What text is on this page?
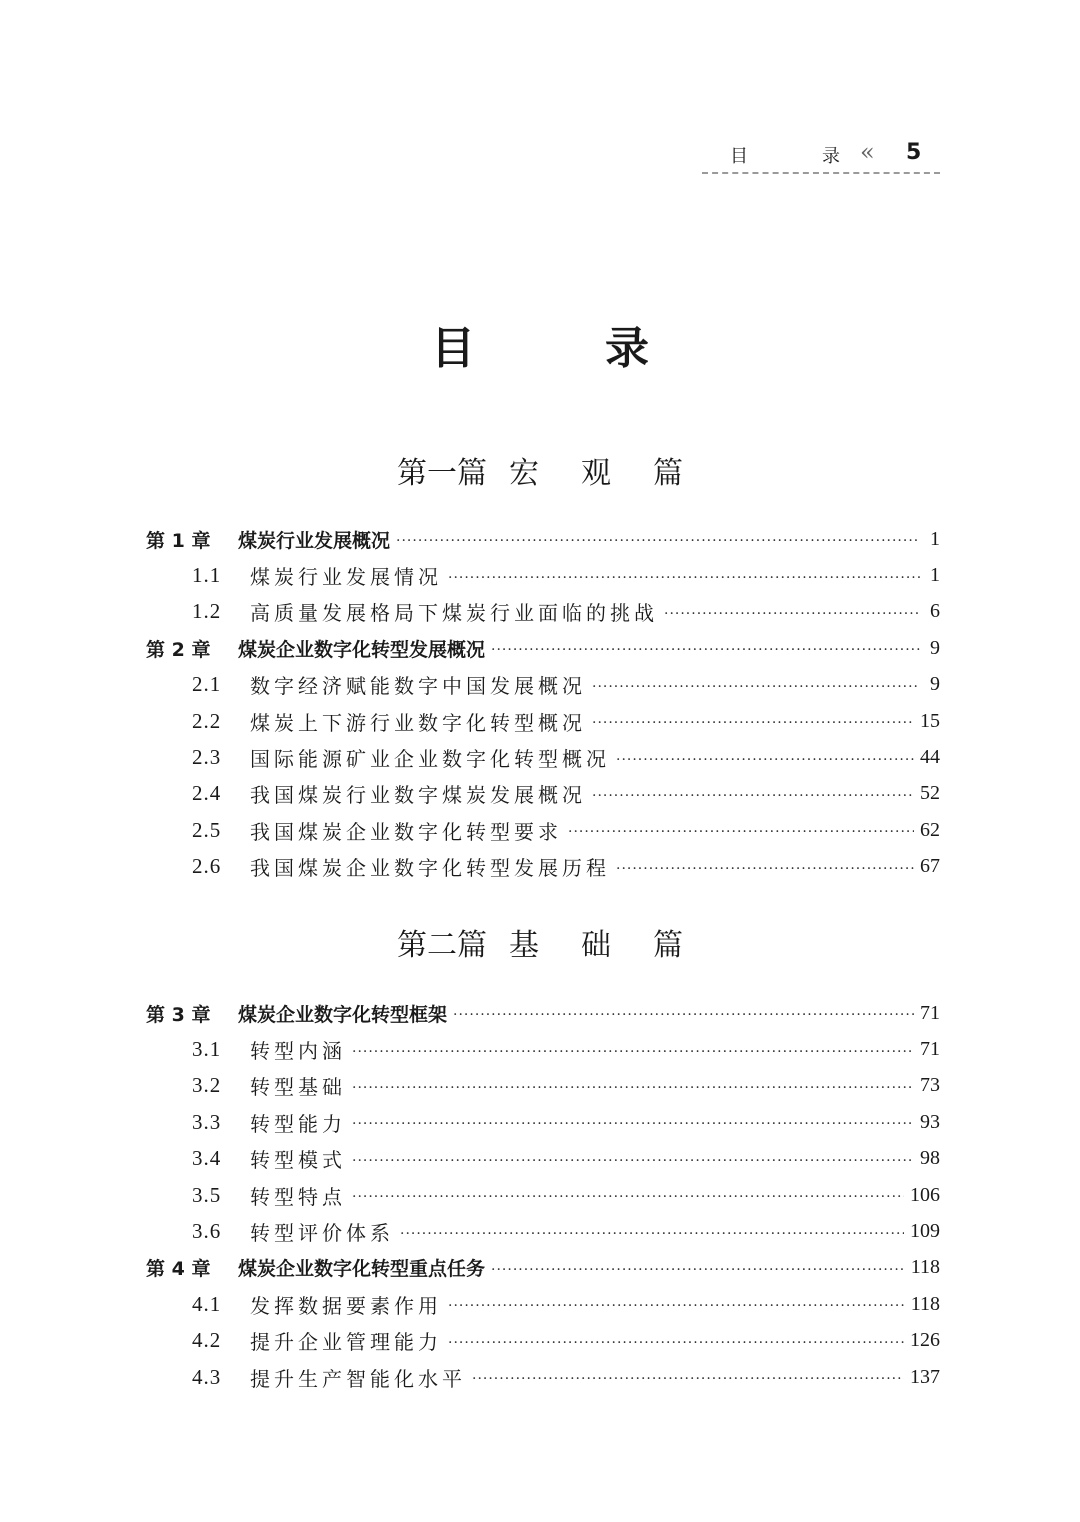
目	录 « 5
目	录
第一篇 宏 观 篇
第 1 章	煤炭行业发展概况 ·····	1
1.1	煤炭行业发展情况 ·····	1
1.2	高质量发展格局下煤炭行业面临的挑战 ·····	6
第 2 章	煤炭企业数字化转型发展概况 ·····	9
2.1	数字经济赋能数字中国发展概况 ·····	9
2.2	煤炭上下游行业数字化转型概况 ·····	15
2.3	国际能源矿业企业数字化转型概况 ·····	44
2.4	我国煤炭行业数字煤炭发展概况 ·····	52
2.5	我国煤炭企业数字化转型要求 ·····	62
2.6	我国煤炭企业数字化转型发展历程 ·····	67
第二篇 基 础 篇
第 3 章	煤炭企业数字化转型框架 ·····	71
3.1	转型内涵 ·····	71
3.2	转型基础 ·····	73
3.3	转型能力 ·····	93
3.4	转型模式 ·····	98
3.5	转型特点 ·····	106
3.6	转型评价体系 ·····	109
第 4 章	煤炭企业数字化转型重点任务 ·····	118
4.1	发挥数据要素作用 ·····	118
4.2	提升企业管理能力 ·····	126
4.3	提升生产智能化水平 ·····	137
